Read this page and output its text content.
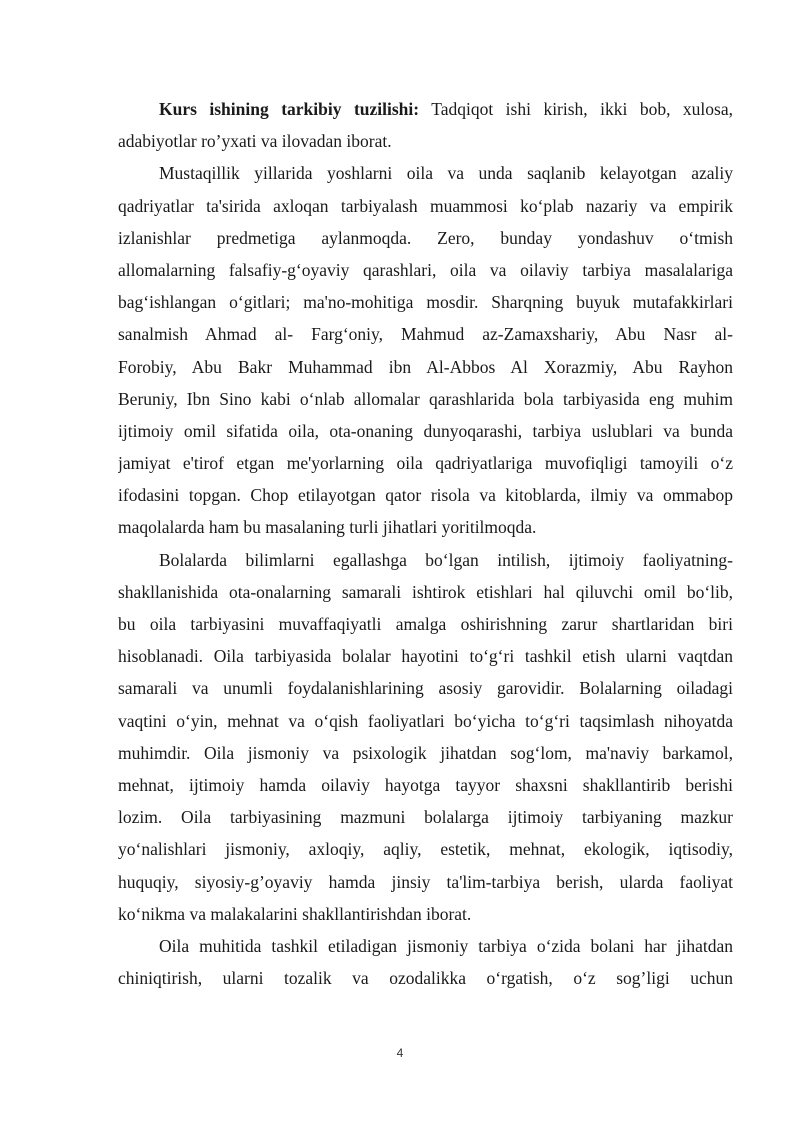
Kurs ishining tarkibiy tuzilishi: Tadqiqot ishi kirish, ikki bob, xulosa,
adabiyotlar ro’yxati va ilovadan iborat.
Mustaqillik yillarida yoshlarni oila va unda saqlanib kelayotgan azaliy
qadriyatlar ta'sirida axloqan tarbiyalash muammosi ko‘plab nazariy va empirik
izlanishlar predmetiga aylanmoqda. Zero, bunday yondashuv o‘tmish
allomalarning falsafiy-g‘oyaviy qarashlari, oila va oilaviy tarbiya masalalariga
bag‘ishlangan o‘gitlari; ma'no-mohitiga mosdir. Sharqning buyuk mutafakkirlari
sanalmish Ahmad al- Farg‘oniy, Mahmud az-Zamaxshariy, Abu Nasr al-
Forobiy, Abu Bakr Muhammad ibn Al-Abbos Al Xorazmiy, Abu Rayhon
Beruniy, Ibn Sino kabi o‘nlab allomalar qarashlarida bola tarbiyasida eng muhim
ijtimoiy omil sifatida oila, ota-onaning dunyoqarashi, tarbiya uslublari va bunda
jamiyat e'tirof etgan me'yorlarning oila qadriyatlariga muvofiqligi tamoyili o‘z
ifodasini topgan. Chop etilayotgan qator risola va kitoblarda, ilmiy va ommabop
maqolalarda ham bu masalaning turli jihatlari yoritilmoqda.
Bolalarda bilimlarni egallashga bo‘lgan intilish, ijtimoiy faoliyatning-
shakllanishida ota-onalarning samarali ishtirok etishlari hal qiluvchi omil bo‘lib,
bu oila tarbiyasini muvaffaqiyatli amalga oshirishning zarur shartlaridan biri
hisoblanadi. Oila tarbiyasida bolalar hayotini to‘g‘ri tashkil etish ularni vaqtdan
samarali va unumli foydalanishlarining asosiy garovidir. Bolalarning oiladagi
vaqtini o‘yin, mehnat va o‘qish faoliyatlari bo‘yicha to‘g‘ri taqsimlash nihoyatda
muhimdir. Oila jismoniy va psixologik jihatdan sog‘lom, ma'naviy barkamol,
mehnat, ijtimoiy hamda oilaviy hayotga tayyor shaxsni shakllantirib berishi
lozim. Oila tarbiyasining mazmuni bolalarga ijtimoiy tarbiyaning mazkur
yo‘nalishlari jismoniy, axloqiy, aqliy, estetik, mehnat, ekologik, iqtisodiy,
huquqiy, siyosiy-g’oyaviy hamda jinsiy ta'lim-tarbiya berish, ularda faoliyat
ko‘nikma va malakalarini shakllantirishdan iborat.
Oila muhitida tashkil etiladigan jismoniy tarbiya o‘zida bolani har jihatdan
chiniqtirish, ularni tozalik va ozodalikka o‘rgatish, o‘z sog’ligi uchun
4
